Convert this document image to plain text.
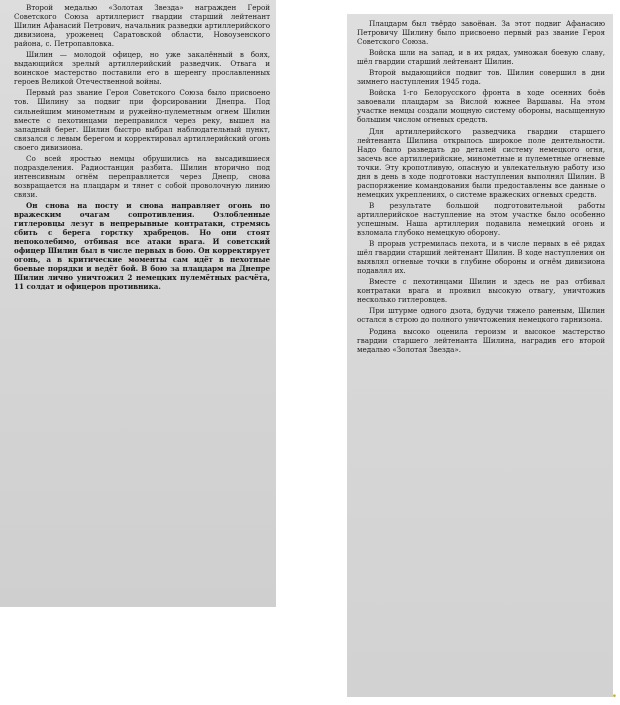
Второй медалью «Золотая Звезда» награжден Герой Советского Союза артиллерист гвардии старший лейтенант Шилин Афанасий Петрович, начальник разведки артиллерийского дивизиона, уроженец Саратовской области, Новоузенского района, с. Петропавловка.

Шилин — молодой офицер, но уже закалённый в боях, выдающийся зрелый артиллерийский разведчик. Отвага и воинское мастерство поставили его в шеренгу прославленных героев Великой Отечественной войны.

Первый раз звание Героя Советского Союза было присвоено тов. Шилину за подвиг при форсировании Днепра. Под сильнейшим минометным и ружейно-пулеметным огнем Шилин вместе с пехотинцами переправился через реку, вышел на западный берег. Шилин быстро выбрал наблюдательный пункт, связался с левым берегом и корректировал артиллерийский огонь своего дивизиона.

Со всей яростью немцы обрушились на высадившиеся подразделения. Радиостанция разбита. Шилин вторично под интенсивным огнём переправляется через Днепр, снова возвращается на плацдарм и тянет с собой проволочную линию связи.

Он снова на посту и снова направляет огонь по вражеским очагам сопротивления. Озлобленные гитлеровцы лезут в непрерывные контратаки, стремясь сбить с берега горстку храбрецов. Но они стоят непоколебимо, отбивая все атаки врага. И советский офицер Шилин был в числе первых в бою. Он корректирует огонь, а в критические моменты сам идёт в пехотные боевые порядки и ведёт бой. В бою за плацдарм на Днепре Шилин лично уничтожил 2 немецких пулемётных расчёта, 11 солдат и офицеров противника.

Плацдарм был твёрдо завоёван. За этот подвиг Афанасию Петровичу Шилину было присвоено первый раз звание Героя Советского Союза.

Войска шли на запад, и в их рядах, умножая боевую славу, шёл гвардии старший лейтенант Шилин.

Второй выдающийся подвиг тов. Шилин совершил в дни зимнего наступления 1945 года.

Войска 1-го Белорусского фронта в ходе осенних боёв завоевали плацдарм за Вислой южнее Варшавы. На этом участке немцы создали мощную систему обороны, насыщенную большим числом огневых средств.

Для артиллерийского разведчика гвардии старшего лейтенанта Шилина открылось широкое поле деятельности. Надо было разведать до деталей систему немецкого огня, засечь все артиллерийские, минометные и пулеметные огневые точки. Эту кропотливую, опасную и увлекательную работу изо дня в день в ходе подготовки наступления выполнял Шилин. В распоряжение командования были предоставлены все данные о немецких укреплениях, о системе вражеских огневых средств.

В результате большой подготовительной работы артиллерийское наступление на этом участке было особенно успешным. Наша артиллерия подавила немецкий огонь и взломала глубоко немецкую оборону.

В прорыв устремилась пехота, и в числе первых в её рядах шёл гвардии старший лейтенант Шилин. В ходе наступления он выявлял огневые точки в глубине обороны и огнём дивизиона подавлял их.

Вместе с пехотинцами Шилин и здесь не раз отбивал контратаки врага и проявил высокую отвагу, уничтожив несколько гитлеровцев.

При штурме одного дзота, будучи тяжело раненым, Шилин остался в строю до полного уничтожения немецкого гарнизона.

Родина высоко оценила героизм и высокое мастерство гвардии старшего лейтенанта Шилина, наградив его второй медалью «Золотая Звезда».

•
